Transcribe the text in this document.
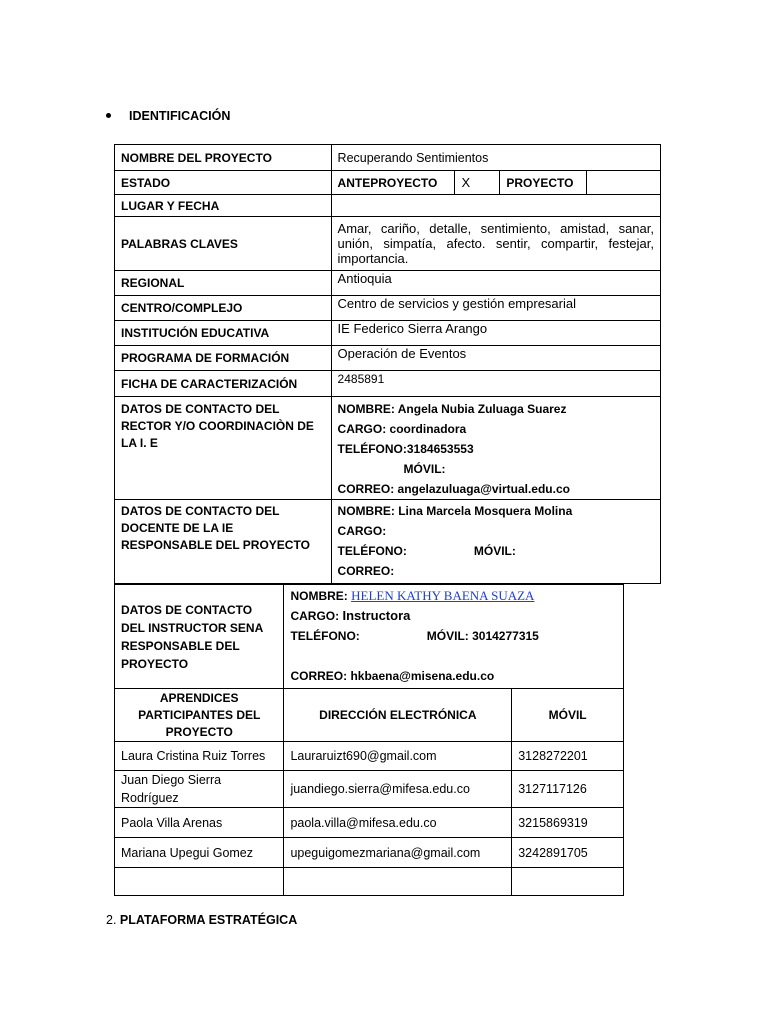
IDENTIFICACIÓN
NOMBRE DEL PROYECTO	Recuperando Sentimientos			
ESTADO	ANTEPROYECTO	X	PROYECTO	
LUGAR Y FECHA				
PALABRAS CLAVES	Amar, cariño, detalle, sentimiento, amistad, sanar, unión, simpatía, afecto. sentir, compartir, festejar, importancia.			
REGIONAL	Antioquia			
CENTRO/COMPLEJO	Centro de servicios y gestión empresarial			
INSTITUCIÓN EDUCATIVA	IE Federico Sierra Arango			
PROGRAMA DE FORMACIÓN	Operación de Eventos			
FICHA DE CARACTERIZACIÓN	2485891			
DATOS DE CONTACTO DEL RECTOR Y/O COORDINACIÒN DE LA I. E	NOMBRE: Angela Nubia Zuluaga Suarez
CARGO: coordinadora
TELÉFONO:3184653553
MÓVIL:
CORREO: angelazuluaga@virtual.edu.co			

DATOS DE CONTACTO DEL DOCENTE DE LA IE RESPONSABLE DEL PROYECTO	NOMBRE: Lina Marcela Mosquera Molina
CARGO:
TELÉFONO: MÓVIL:
CORREO:			
DATOS DE CONTACTO DEL INSTRUCTOR SENA RESPONSABLE DEL PROYECTO	NOMBRE: HELEN KATHY BAENA SUAZA
CARGO: Instructora
TELÉFONO: MÓVIL: 3014277315
CORREO: hkbaena@misena.edu.co	

APRENDICES PARTICIPANTES DEL PROYECTO	DIRECCIÓN ELECTRÓNICA	MÓVIL
Laura Cristina Ruiz Torres	Lauraruizt690@gmail.com	3128272201
Juan Diego Sierra Rodríguez	juandiego.sierra@mifesa.edu.co	3127117126
Paola Villa Arenas	paola.villa@mifesa.edu.co	3215869319
Mariana Upegui Gomez	upeguigomezmariana@gmail.com	3242891705

2. PLATAFORMA ESTRATÉGICA
